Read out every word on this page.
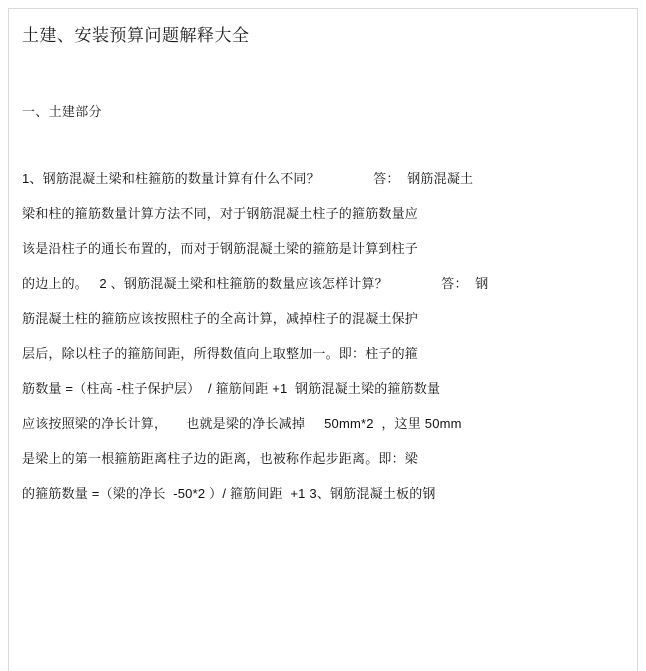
土建、安装预算问题解释大全
一、土建部分
1、钢筋混凝土梁和柱箍筋的数量计算有什么不同？              答：  钢筋混凝土
梁和柱的箍筋数量计算方法不同，对于钢筋混凝土柱子的箍筋数量应
该是沿柱子的通长布置的，而对于钢筋混凝土梁的箍筋是计算到柱子
的边上的。   2 、钢筋混凝土梁和柱箍筋的数量应该怎样计算？              答：  钢
筋混凝土柱的箍筋应该按照柱子的全高计算，减掉柱子的混凝土保护
层后，除以柱子的箍筋间距，所得数值向上取整加一。即：柱子的箍
筋数量 =（柱高 -柱子保护层）  / 箍筋间距 +1  钢筋混凝土梁的箍筋数量
应该按照梁的净长计算，     也就是梁的净长减掉     50mm*2  ，这里 50mm
是梁上的第一根箍筋距离柱子边的距离，也被称作起步距离。即：梁
的箍筋数量 =（梁的净长  -50*2 ）/ 箍筋间距  +1 3、钢筋混凝土板的钢
